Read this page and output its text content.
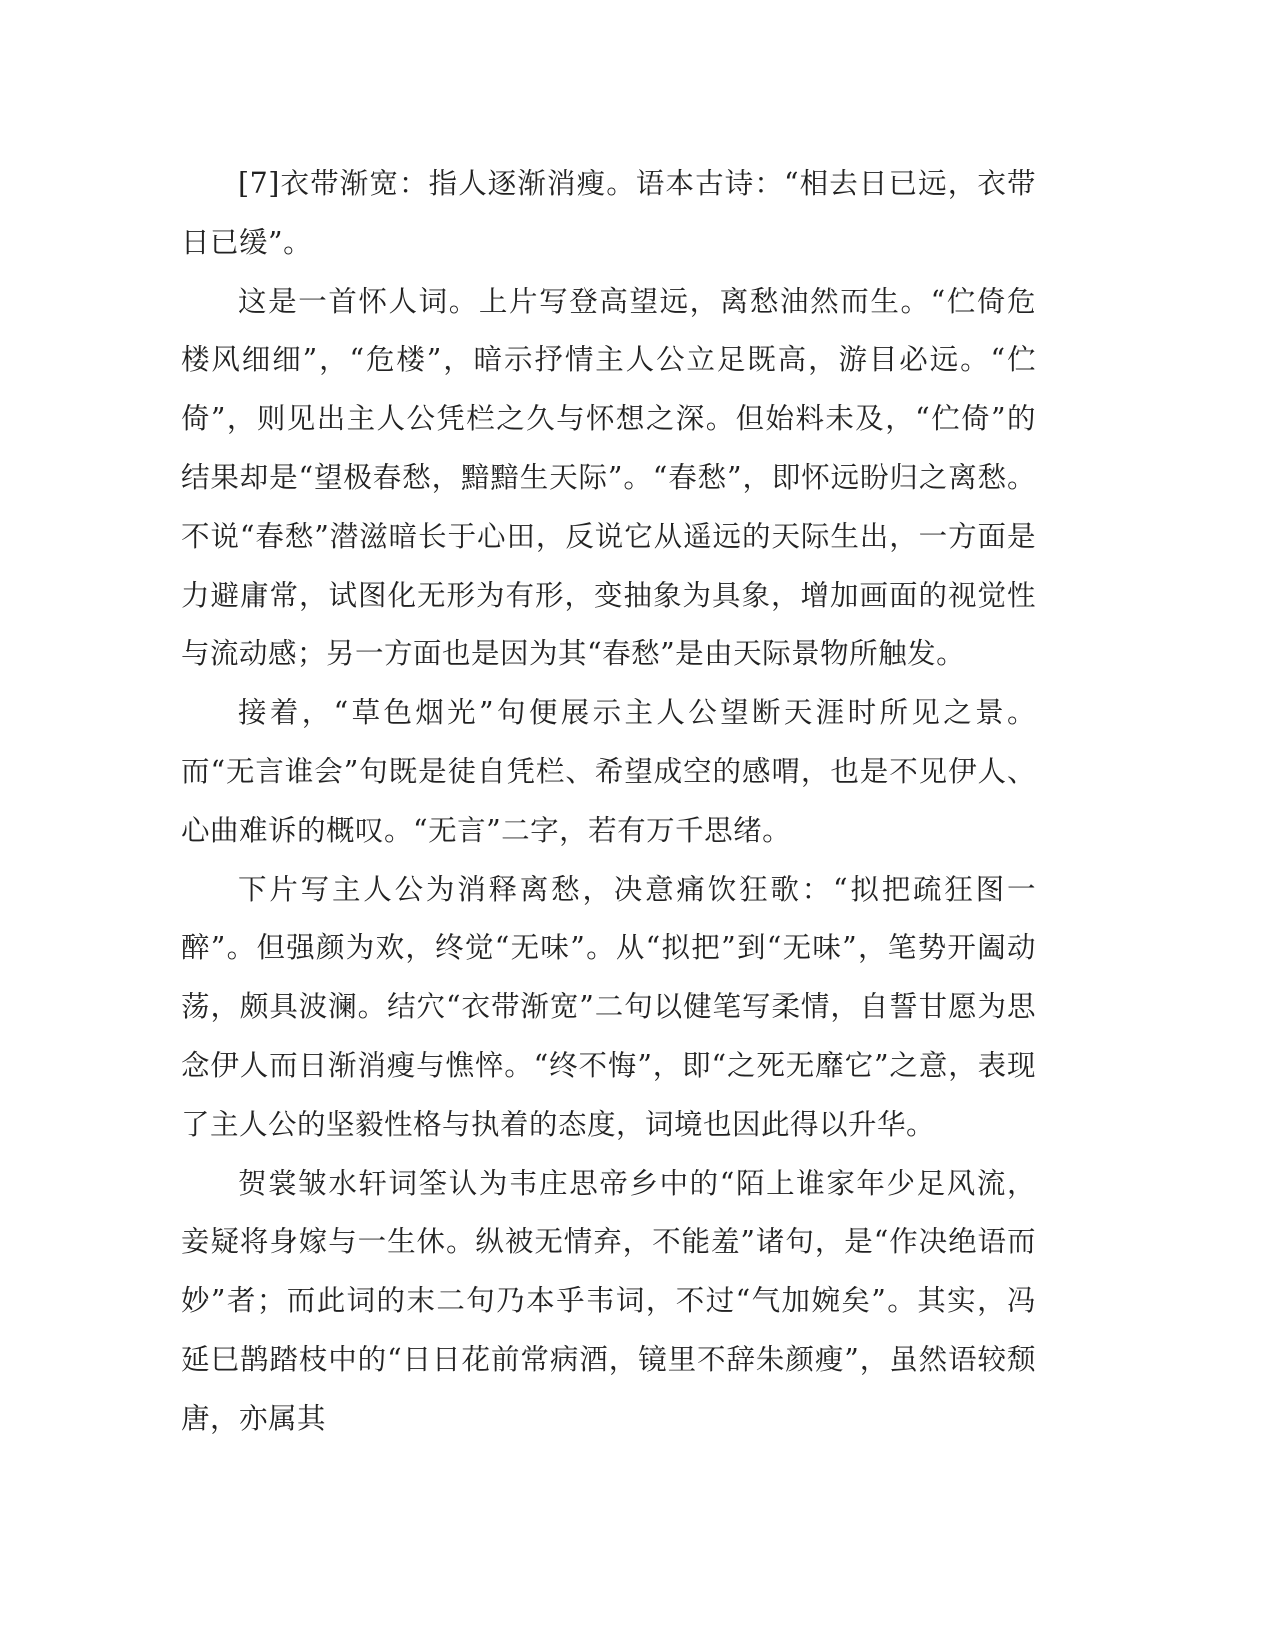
[7]衣带渐宽：指人逐渐消瘦。语本古诗：“相去日已远，衣带日已缓”。

这是一首怀人词。上片写登高望远，离愁油然而生。“伫倚危楼风细细”，“危楼”，暗示抒情主人公立足既高，游目必远。“伫倚”，则见出主人公凭栏之久与怀想之深。但始料未及，“伫倚”的结果却是“望极春愁，黯黯生天际”。“春愁”，即怀远盼归之离愁。不说“春愁”潜滋暗长于心田，反说它从遥远的天际生出，一方面是力避庸常，试图化无形为有形，变抽象为具象，增加画面的视觉性与流动感；另一方面也是因为其“春愁”是由天际景物所触发。

接着，“草色烟光”句便展示主人公望断天涯时所见之景。而“无言谁会”句既是徒自凭栏、希望成空的感喟，也是不见伊人、心曲难诉的概叹。“无言”二字，若有万千思绪。

下片写主人公为消释离愁，决意痛饮狂歌：“拟把疏狂图一醉”。但强颜为欢，终觉“无味”。从“拟把”到“无味”，笔势开阖动荡，颇具波澜。结穴“衣带渐宽”二句以健笔写柔情，自誓甘愿为思念伊人而日渐消瘦与憔悴。“终不悔”，即“之死无靡它”之意，表现了主人公的坚毅性格与执着的态度，词境也因此得以升华。

贺裳皱水轩词筌认为韦庄思帝乡中的“陌上谁家年少足风流，妾疑将身嫁与一生休。纵被无情弃，不能羞”诸句，是“作决绝语而妙”者；而此词的末二句乃本乎韦词，不过“气加婉矣”。其实，冯延巳鹊踏枝中的“日日花前常病酒，镜里不辞朱颜瘦”，虽然语较颓唐，亦属其
